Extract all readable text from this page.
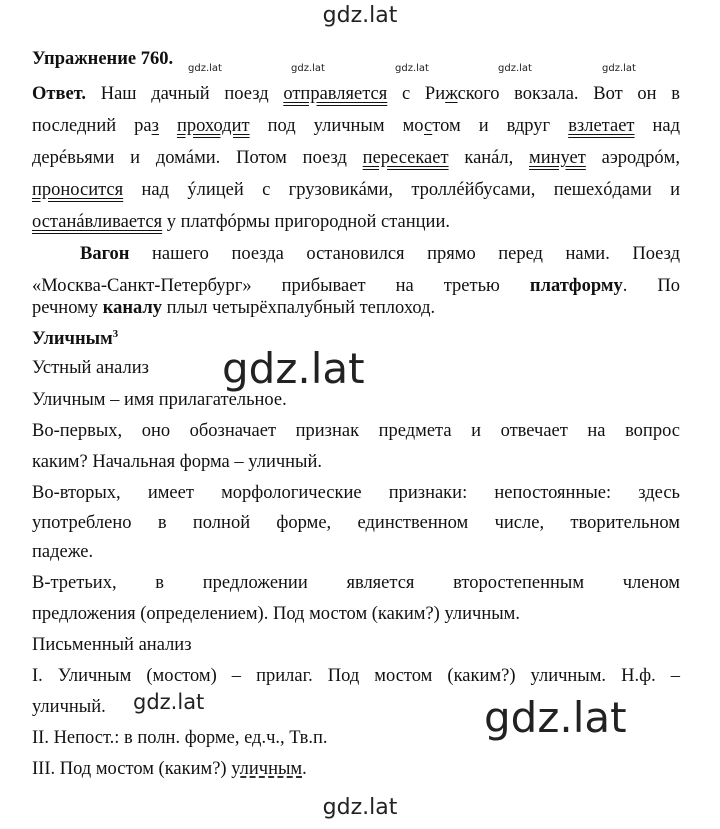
gdz.lat
gdz.lat	gdz.lat	gdz.lat	gdz.lat	gdz.lat
gdz.lat
gdz.lat	gdz.lat
gdz.lat
Упражнение 760.
Ответ. Наш дачный поезд отправляется с Рижского вокзала. Вот он в
последний раз проходит под уличным мостом и вдруг взлетает над
дерéвьями и домáми. Потом поезд пересекает канáл, минует аэродрóм,
проносится над ýлицей с грузовикáми, троллéйбусами, пешехóдами и
останáвливается у платфóрмы пригородной станции.
Вагон нашего поезда остановился прямо перед нами. Поезд
«Москва-Санкт-Петербург» прибывает на третью платформу. По
речному каналу плыл четырёхпалубный теплоход.
Уличным$^3$
Устный анализ
Уличным – имя прилагательное.
Во-первых, оно обозначает признак предмета и отвечает на вопрос
каким? Начальная форма – уличный.
Во-вторых, имеет морфологические признаки: непостоянные: здесь
употреблено в полной форме, единственном числе, творительном
падеже.
В-третьих, в предложении является второстепенным членом
предложения (определением). Под мостом (каким?) уличным.
Письменный анализ
I. Уличным (мостом) – прилаг. Под мостом (каким?) уличным. Н.ф. –
уличный.
II. Непост.: в полн. форме, ед.ч., Тв.п.
III. Под мостом (каким?) уличным.
